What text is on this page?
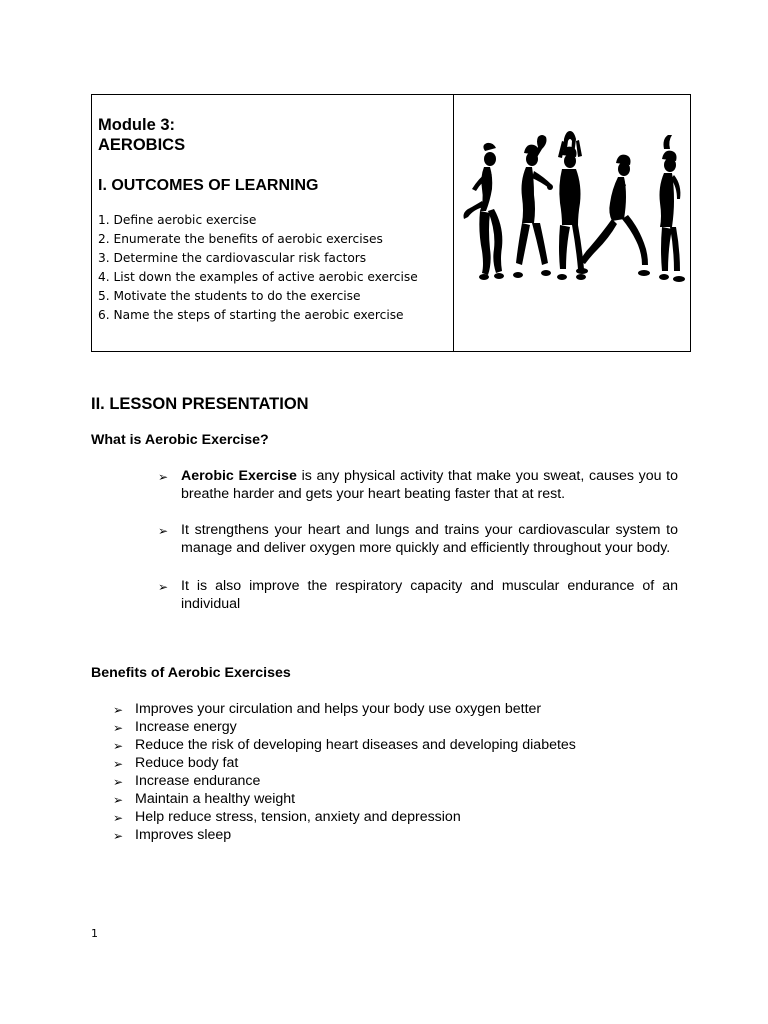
Module 3:

AEROBICS

I. OUTCOMES OF LEARNING

1. Define aerobic exercise
2. Enumerate the benefits of aerobic exercises
3. Determine the cardiovascular risk factors
4. List down the examples of active aerobic exercise
5. Motivate the students to do the exercise
6. Name the steps of starting the aerobic exercise

II. LESSON PRESENTATION

What is Aerobic Exercise?

➢ Aerobic Exercise is any physical activity that make you sweat, causes you to breathe harder and gets your heart beating faster that at rest.
➢ It strengthens your heart and lungs and trains your cardiovascular system to manage and deliver oxygen more quickly and efficiently throughout your body.
➢ It is also improve the respiratory capacity and muscular endurance of an individual

Benefits of Aerobic Exercises

➢ Improves your circulation and helps your body use oxygen better
➢ Increase energy
➢ Reduce the risk of developing heart diseases and developing diabetes
➢ Reduce body fat
➢ Increase endurance
➢ Maintain a healthy weight
➢ Help reduce stress, tension, anxiety and depression
➢ Improves sleep
1
